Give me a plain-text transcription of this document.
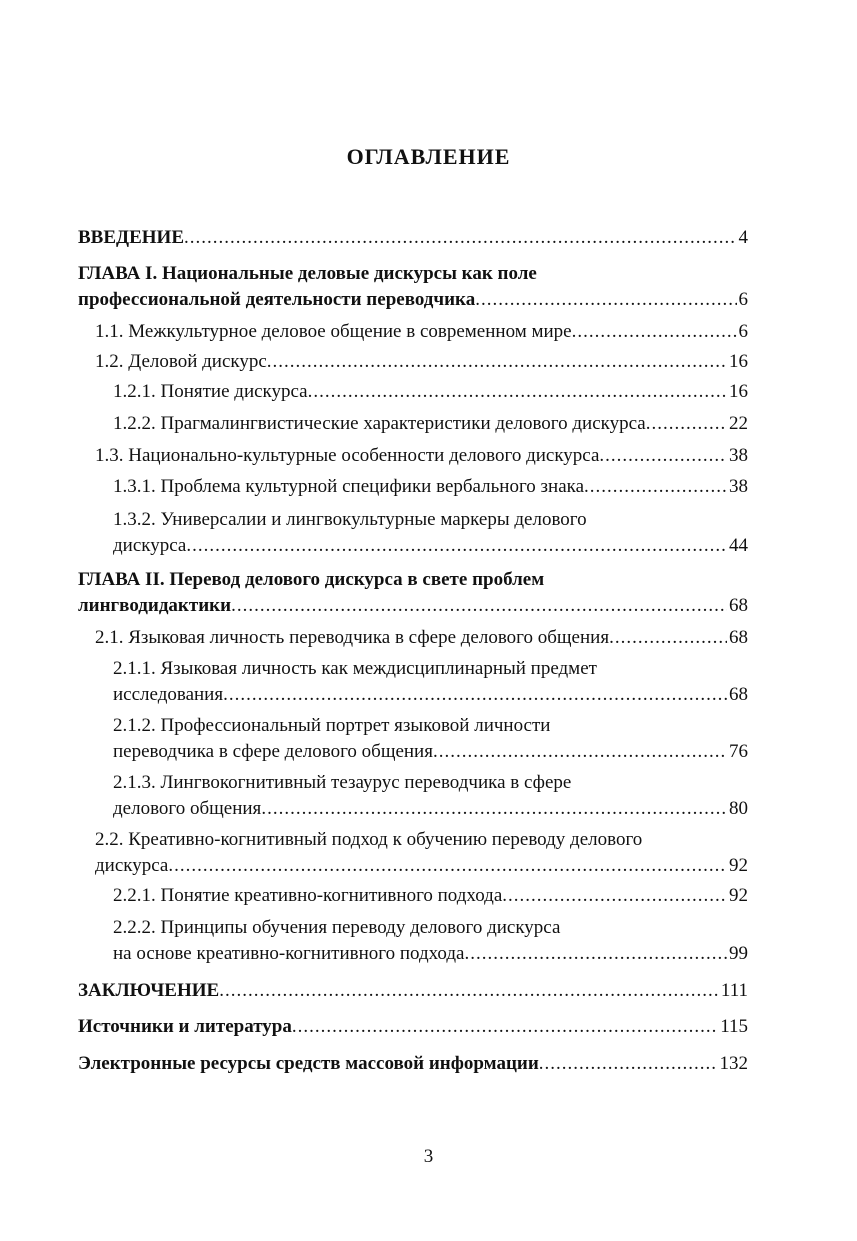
ОГЛАВЛЕНИЕ
ВВЕДЕНИЕ .....	4
ГЛАВА I. Национальные деловые дискурсы как поле
профессиональной деятельности переводчика .....	6
1.1. Межкультурное деловое общение в современном мире .....	6
1.2. Деловой дискурс .....	16
1.2.1. Понятие дискурса .....	16
1.2.2. Прагмалингвистические характеристики делового дискурса .....	22
1.3. Национально-культурные особенности делового дискурса .....	38
1.3.1. Проблема культурной специфики вербального знака .....	38
1.3.2. Универсалии и лингвокультурные маркеры делового
дискурса .....	44
ГЛАВА II. Перевод делового дискурса в свете проблем
лингводидактики .....	68
2.1. Языковая личность переводчика в сфере делового общения .....	68
2.1.1. Языковая личность как междисциплинарный предмет
исследования .....	68
2.1.2. Профессиональный портрет языковой личности
переводчика в сфере делового общения .....	76
2.1.3. Лингвокогнитивный тезаурус переводчика в сфере
делового общения .....	80
2.2. Креативно-когнитивный подход к обучению переводу делового
дискурса .....	92
2.2.1. Понятие креативно-когнитивного подхода .....	92
2.2.2. Принципы обучения переводу делового дискурса
на основе креативно-когнитивного подхода .....	99
ЗАКЛЮЧЕНИЕ .....	111
Источники и литература .....	115
Электронные ресурсы средств массовой информации .....	132
3
